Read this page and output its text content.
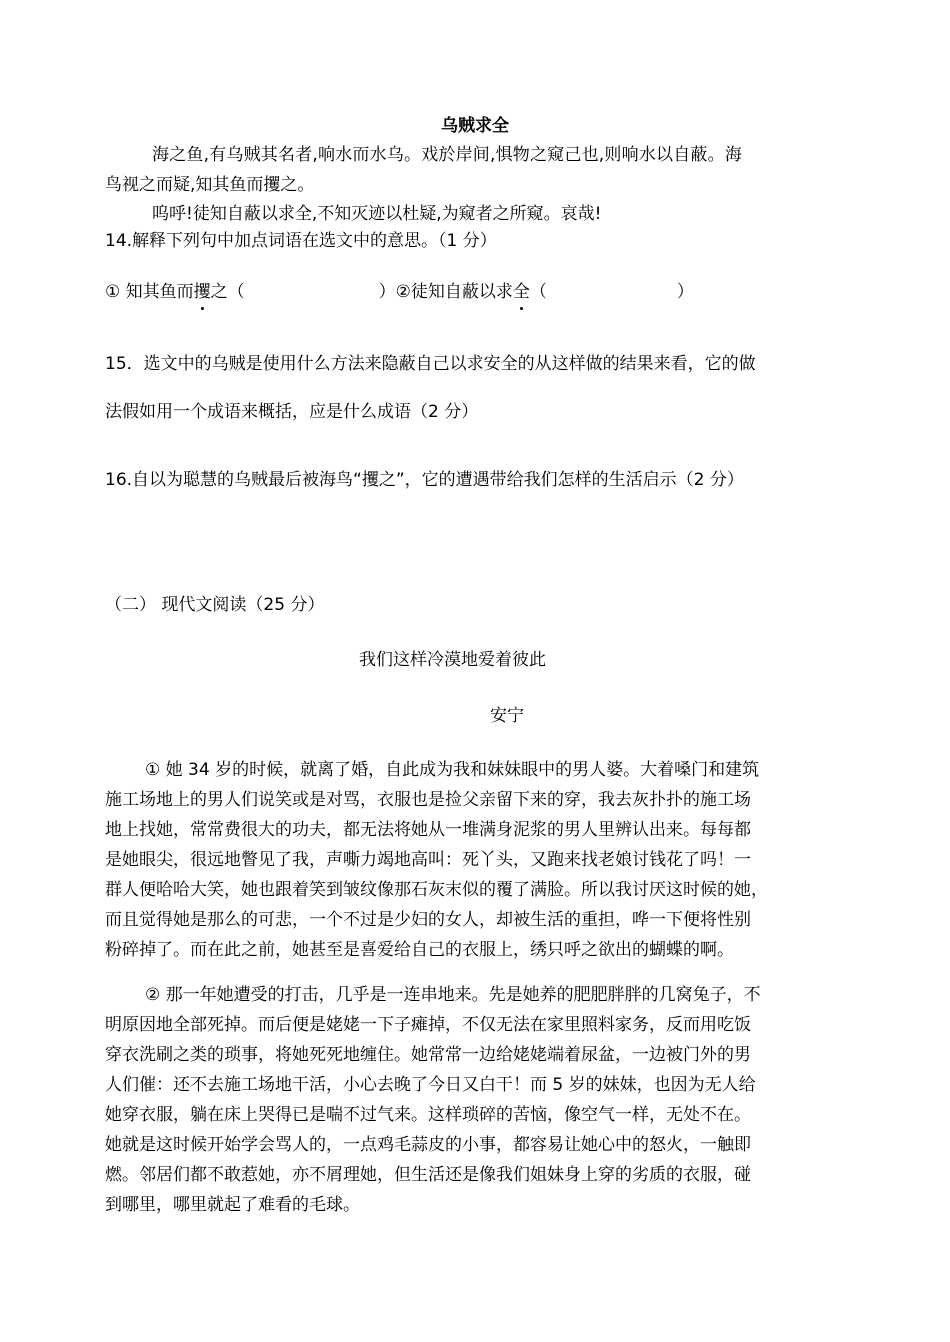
乌贼求全
海之鱼,有乌贼其名者,响水而水乌。戏於岸间,惧物之窥己也,则响水以自蔽。海
鸟视之而疑,知其鱼而攫之。
呜呼!徒知自蔽以求全,不知灭迹以杜疑,为窥者之所窥。哀哉!
14.解释下列句中加点词语在选文中的意思。（1 分）
① 知其鱼而攫之（	）②徒知自蔽以求全（	）
15．选文中的乌贼是使用什么方法来隐蔽自己以求安全的从这样做的结果来看，它的做
法假如用一个成语来概括，应是什么成语（2 分）
16.自以为聪慧的乌贼最后被海鸟“攫之”，它的遭遇带给我们怎样的生活启示（2 分）
（二） 现代文阅读（25 分）
我们这样冷漠地爱着彼此
安宁
① 她 34 岁的时候，就离了婚，自此成为我和妹妹眼中的男人婆。大着嗓门和建筑
施工场地上的男人们说笑或是对骂，衣服也是捡父亲留下来的穿，我去灰扑扑的施工场
地上找她，常常费很大的功夫，都无法将她从一堆满身泥浆的男人里辨认出来。每每都
是她眼尖，很远地瞥见了我，声嘶力竭地高叫：死丫头，又跑来找老娘讨钱花了吗！一
群人便哈哈大笑，她也跟着笑到皱纹像那石灰末似的覆了满脸。所以我讨厌这时候的她，
而且觉得她是那么的可悲，一个不过是少妇的女人，却被生活的重担，哗一下便将性别
粉碎掉了。而在此之前，她甚至是喜爱给自己的衣服上，绣只呼之欲出的蝴蝶的啊。
② 那一年她遭受的打击，几乎是一连串地来。先是她养的肥肥胖胖的几窝兔子，不
明原因地全部死掉。而后便是姥姥一下子瘫掉，不仅无法在家里照料家务，反而用吃饭
穿衣洗刷之类的琐事，将她死死地缠住。她常常一边给姥姥端着尿盆，一边被门外的男
人们催：还不去施工场地干活，小心去晚了今日又白干！而 5 岁的妹妹，也因为无人给
她穿衣服，躺在床上哭得已是喘不过气来。这样琐碎的苦恼，像空气一样，无处不在。
她就是这时候开始学会骂人的，一点鸡毛蒜皮的小事，都容易让她心中的怒火，一触即
燃。邻居们都不敢惹她，亦不屑理她，但生活还是像我们姐妹身上穿的劣质的衣服，碰
到哪里，哪里就起了难看的毛球。
